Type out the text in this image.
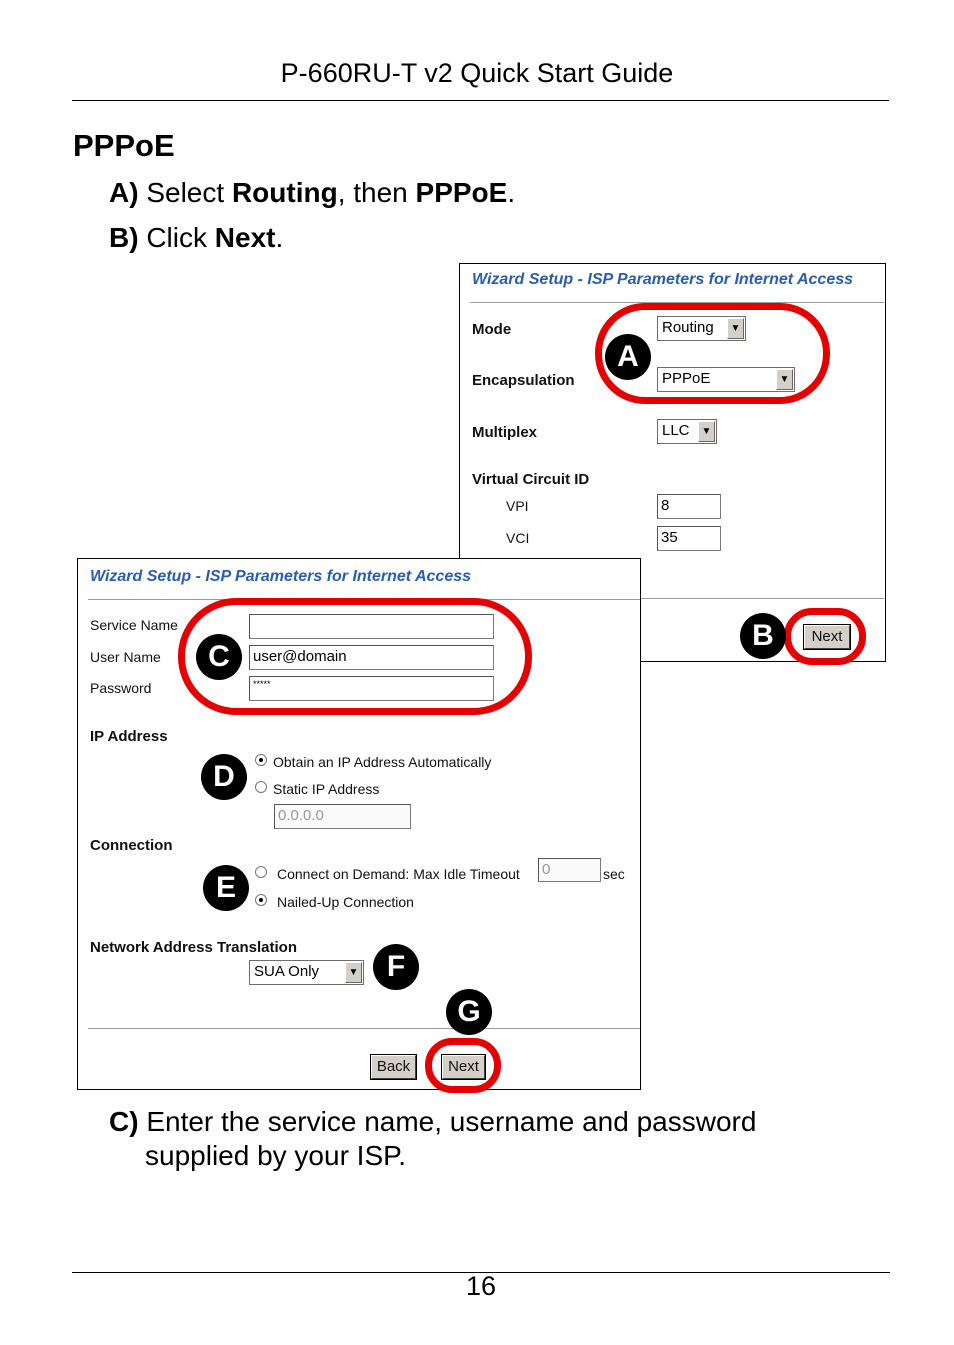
P-660RU-T v2 Quick Start Guide
PPPoE
A) Select Routing, then PPPoE.
B) Click Next.
Wizard Setup - ISP Parameters for Internet Access
Mode	Routing	▼
Encapsulation	PPPoE	▼
Multiplex	LLC	▼
Virtual Circuit ID
VPI	8
VCI	35
Next
Wizard Setup - ISP Parameters for Internet Access
Service Name
User Name	user@domain
Password	*****
IP Address
Obtain an IP Address Automatically
Static IP Address
0.0.0.0
Connection
Connect on Demand: Max Idle Timeout 0	sec
Nailed-Up Connection
Network Address Translation
SUA Only	▼
Back	Next
A
B
C
D
E
F
G
C) Enter the service name, username and password
supplied by your ISP.
16
